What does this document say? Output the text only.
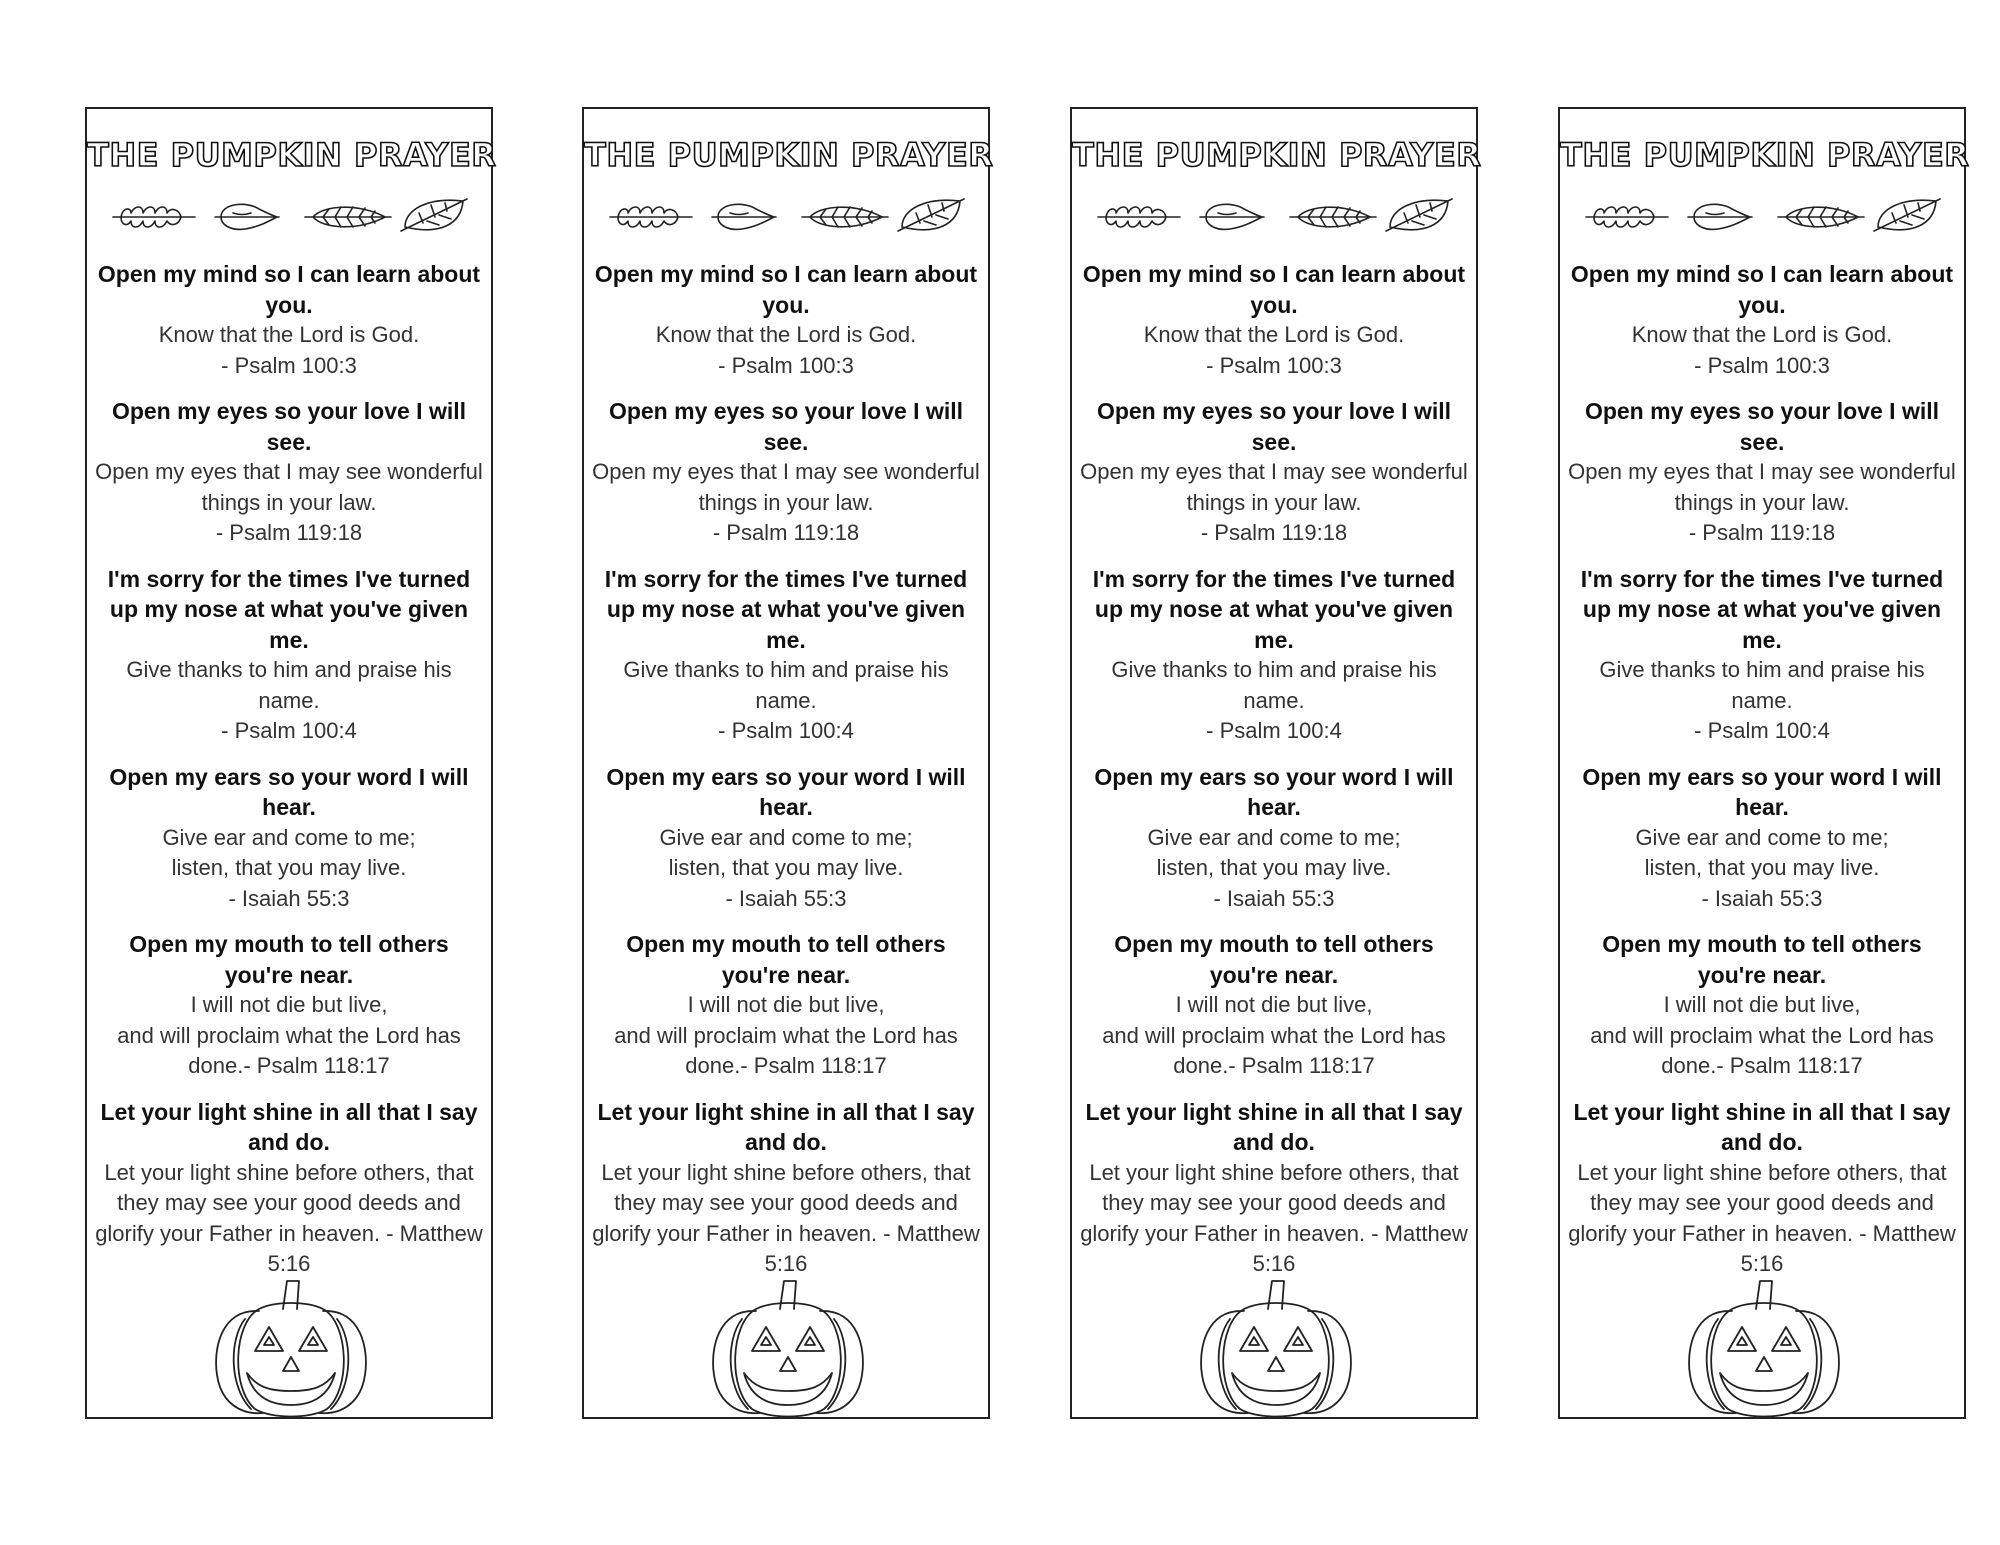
THE PUMPKIN PRAYER
Open my mind so I can learn about you.
Know that the Lord is God.
- Psalm 100:3
Open my eyes so your love I will see.
Open my eyes that I may see wonderful things in your law.
- Psalm 119:18
I'm sorry for the times I've turned up my nose at what you've given me.
Give thanks to him and praise his name.
- Psalm 100:4
Open my ears so your word I will hear.
Give ear and come to me;
listen, that you may live.
- Isaiah 55:3
Open my mouth to tell others you're near.
I will not die but live,
and will proclaim what the Lord has done.- Psalm 118:17
Let your light shine in all that I say and do.
Let your light shine before others, that they may see your good deeds and glorify your Father in heaven. - Matthew 5:16
THE PUMPKIN PRAYER
Open my mind so I can learn about you.
Know that the Lord is God.
- Psalm 100:3
Open my eyes so your love I will see.
Open my eyes that I may see wonderful things in your law.
- Psalm 119:18
I'm sorry for the times I've turned up my nose at what you've given me.
Give thanks to him and praise his name.
- Psalm 100:4
Open my ears so your word I will hear.
Give ear and come to me;
listen, that you may live.
- Isaiah 55:3
Open my mouth to tell others you're near.
I will not die but live,
and will proclaim what the Lord has done.- Psalm 118:17
Let your light shine in all that I say and do.
Let your light shine before others, that they may see your good deeds and glorify your Father in heaven. - Matthew 5:16
THE PUMPKIN PRAYER
Open my mind so I can learn about you.
Know that the Lord is God.
- Psalm 100:3
Open my eyes so your love I will see.
Open my eyes that I may see wonderful things in your law.
- Psalm 119:18
I'm sorry for the times I've turned up my nose at what you've given me.
Give thanks to him and praise his name.
- Psalm 100:4
Open my ears so your word I will hear.
Give ear and come to me;
listen, that you may live.
- Isaiah 55:3
Open my mouth to tell others you're near.
I will not die but live,
and will proclaim what the Lord has done.- Psalm 118:17
Let your light shine in all that I say and do.
Let your light shine before others, that they may see your good deeds and glorify your Father in heaven. - Matthew 5:16
THE PUMPKIN PRAYER
Open my mind so I can learn about you.
Know that the Lord is God.
- Psalm 100:3
Open my eyes so your love I will see.
Open my eyes that I may see wonderful things in your law.
- Psalm 119:18
I'm sorry for the times I've turned up my nose at what you've given me.
Give thanks to him and praise his name.
- Psalm 100:4
Open my ears so your word I will hear.
Give ear and come to me;
listen, that you may live.
- Isaiah 55:3
Open my mouth to tell others you're near.
I will not die but live,
and will proclaim what the Lord has done.- Psalm 118:17
Let your light shine in all that I say and do.
Let your light shine before others, that they may see your good deeds and glorify your Father in heaven. - Matthew 5:16
